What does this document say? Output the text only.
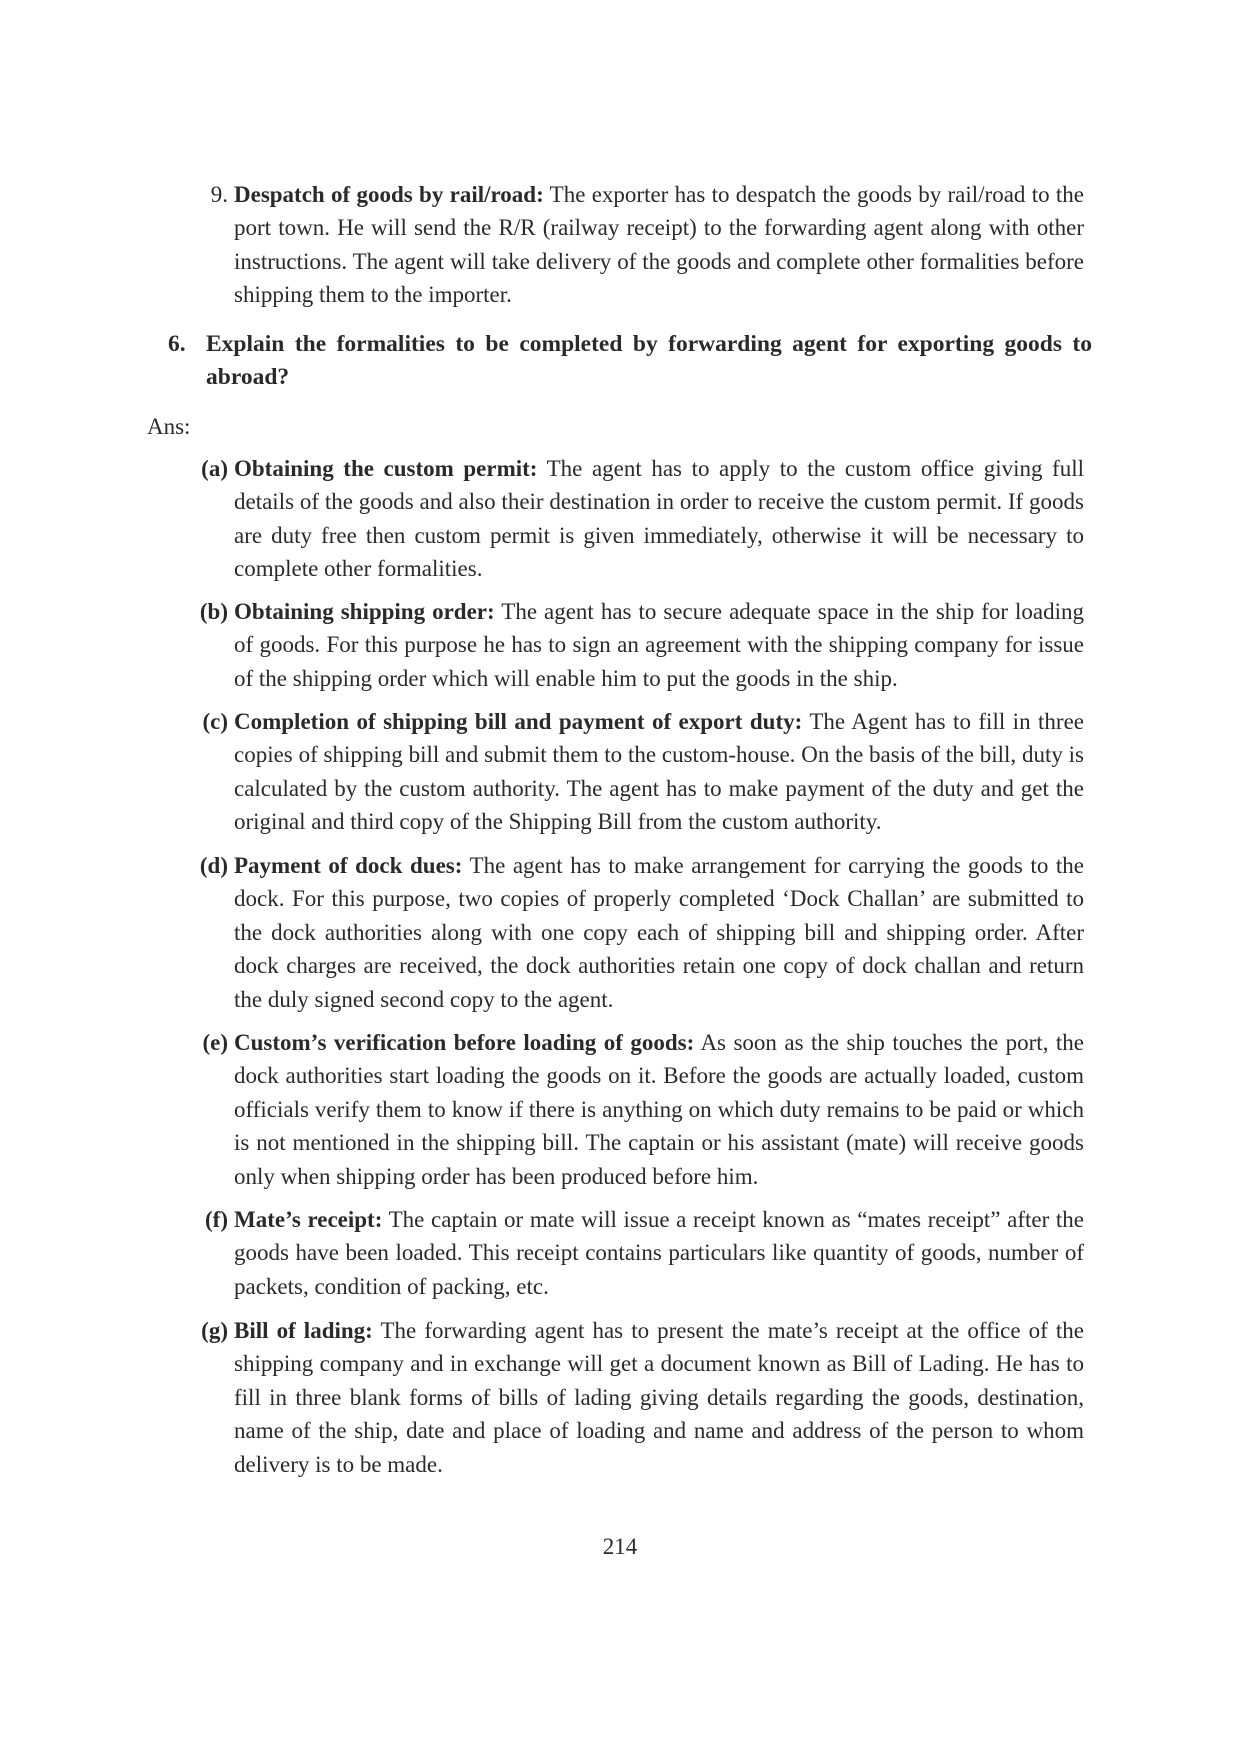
9. Despatch of goods by rail/road: The exporter has to despatch the goods by rail/road to the port town. He will send the R/R (railway receipt) to the forwarding agent along with other instructions. The agent will take delivery of the goods and complete other formalities before shipping them to the importer.
6. Explain the formalities to be completed by forwarding agent for exporting goods to abroad?
Ans:
(a) Obtaining the custom permit: The agent has to apply to the custom office giving full details of the goods and also their destination in order to receive the custom permit. If goods are duty free then custom permit is given immediately, otherwise it will be necessary to complete other formalities.
(b) Obtaining shipping order: The agent has to secure adequate space in the ship for loading of goods. For this purpose he has to sign an agreement with the shipping company for issue of the shipping order which will enable him to put the goods in the ship.
(c) Completion of shipping bill and payment of export duty: The Agent has to fill in three copies of shipping bill and submit them to the custom-house. On the basis of the bill, duty is calculated by the custom authority. The agent has to make payment of the duty and get the original and third copy of the Shipping Bill from the custom authority.
(d) Payment of dock dues: The agent has to make arrangement for carrying the goods to the dock. For this purpose, two copies of properly completed ‘Dock Challan’ are submitted to the dock authorities along with one copy each of shipping bill and shipping order. After dock charges are received, the dock authorities retain one copy of dock challan and return the duly signed second copy to the agent.
(e) Custom’s verification before loading of goods: As soon as the ship touches the port, the dock authorities start loading the goods on it. Before the goods are actually loaded, custom officials verify them to know if there is anything on which duty remains to be paid or which is not mentioned in the shipping bill. The captain or his assistant (mate) will receive goods only when shipping order has been produced before him.
(f) Mate’s receipt: The captain or mate will issue a receipt known as “mates receipt” after the goods have been loaded. This receipt contains particulars like quantity of goods, number of packets, condition of packing, etc.
(g) Bill of lading: The forwarding agent has to present the mate’s receipt at the office of the shipping company and in exchange will get a document known as Bill of Lading. He has to fill in three blank forms of bills of lading giving details regarding the goods, destination, name of the ship, date and place of loading and name and address of the person to whom delivery is to be made.
214
